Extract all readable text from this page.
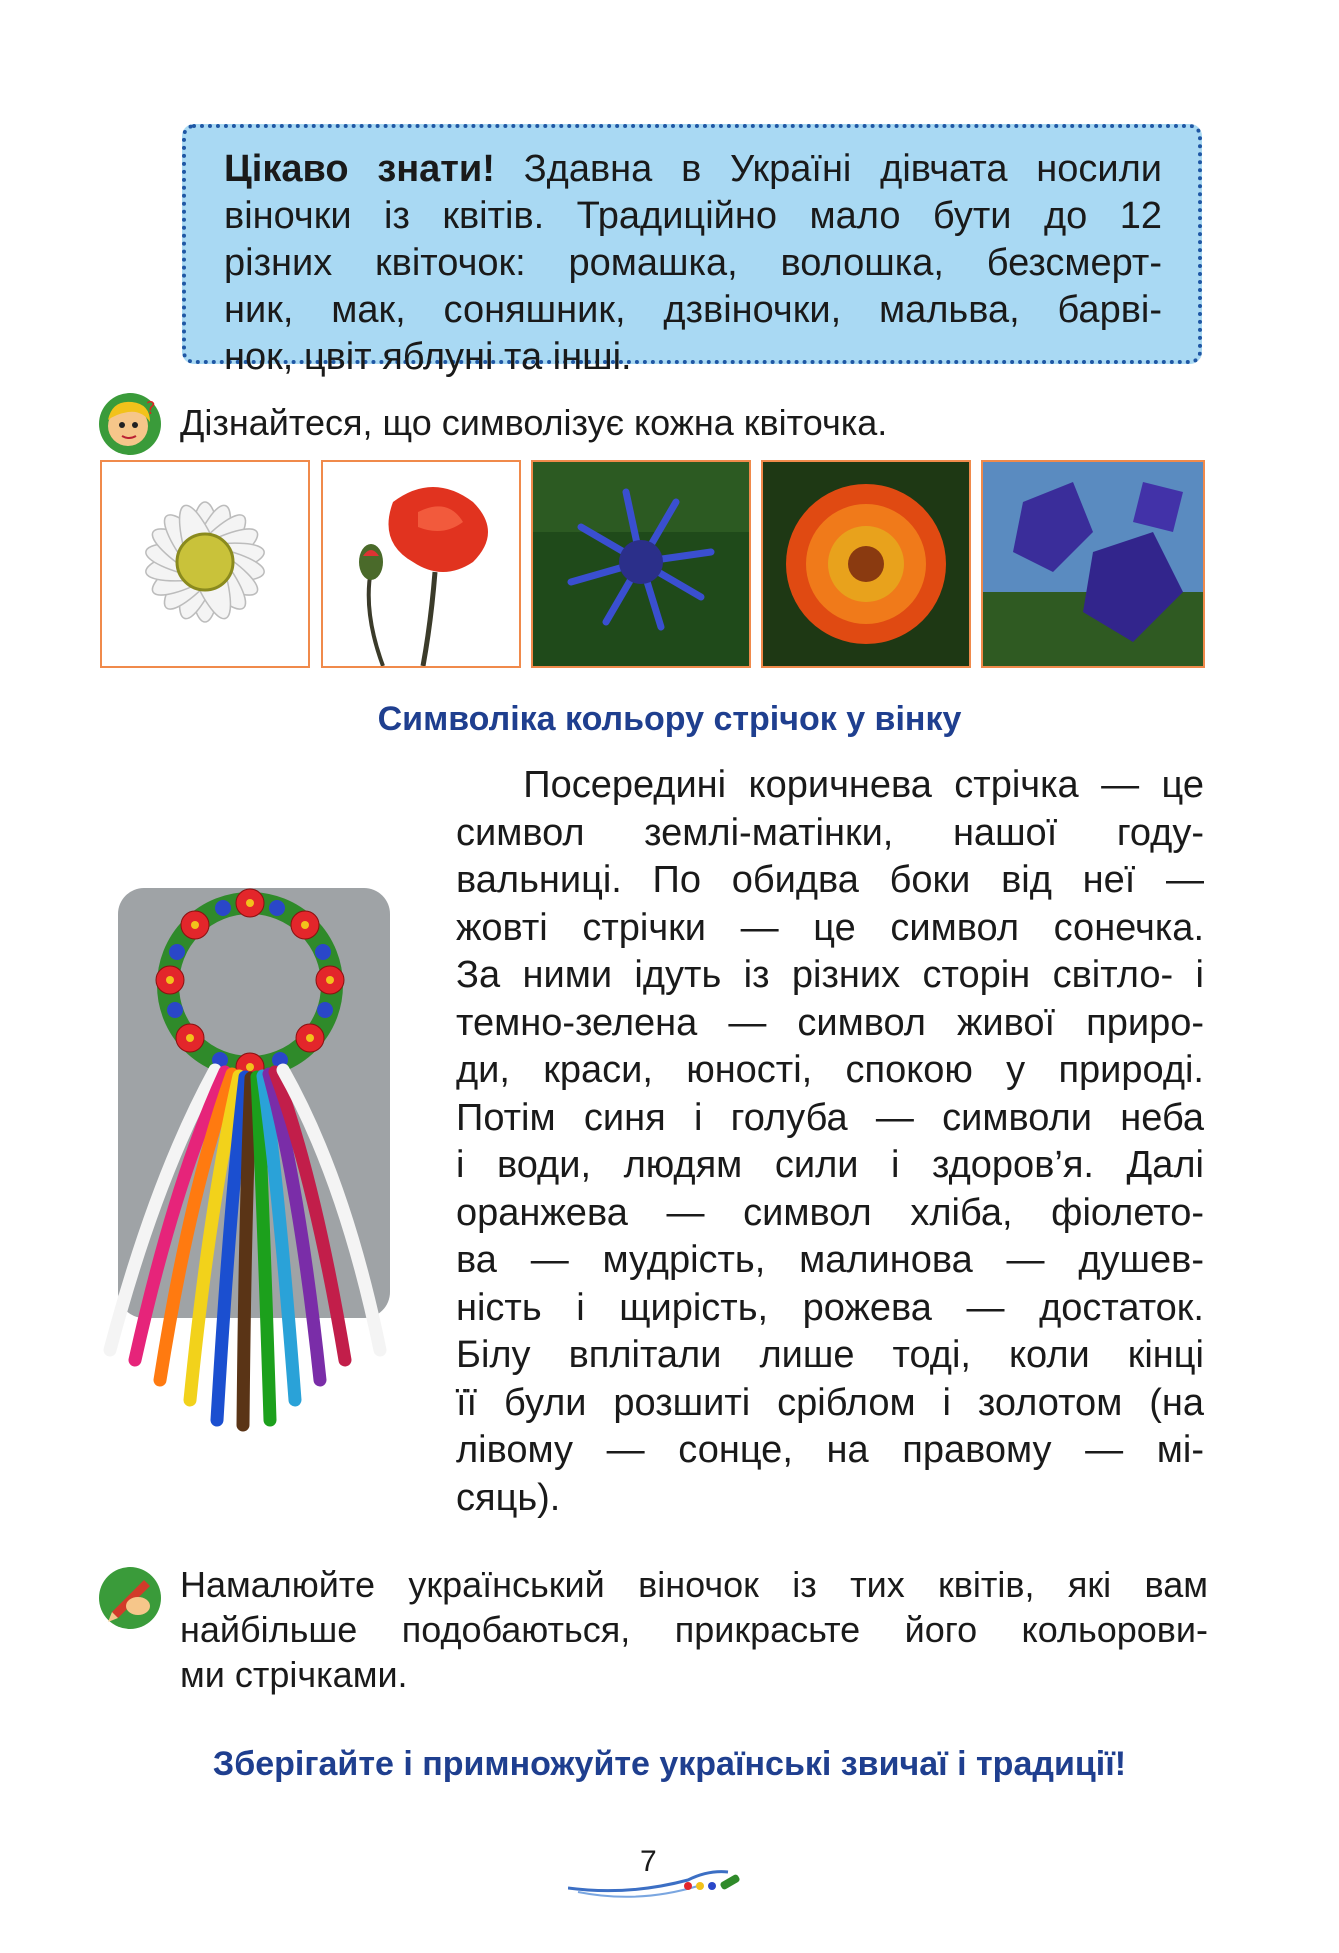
Цікаво знати! Здавна в Україні дівчата носили
віночки із квітів. Традиційно мало бути до 12
різних квіточок: ромашка, волошка, безсмерт-
ник, мак, соняшник, дзвіночки, мальва, барві-
нок, цвіт яблуні та інші.
? Дізнайтеся, що символізує кожна квіточка.
Символіка кольору стрічок у вінку
Посередині коричнева стрічка — це
символ землі-матінки, нашої году-
вальниці. По обидва боки від неї —
жовті стрічки — це символ сонечка.
За ними ідуть із різних сторін світло- і
темно-зелена — символ живої приро-
ди, краси, юності, спокою у природі.
Потім синя і голуба — символи неба
і води, людям сили і здоров’я. Далі
оранжева — символ хліба, фіолето-
ва — мудрість, малинова — душев-
ність і щирість, рожева — достаток.
Білу вплітали лише тоді, коли кінці
її були розшиті сріблом і золотом (на
лівому — сонце, на правому — мі-
сяць).
Намалюйте український віночок із тих квітів, які вам
найбільше подобаються, прикрасьте його кольорови-
ми стрічками.
Зберігайте і примножуйте українські звичаї і традиції!
7
